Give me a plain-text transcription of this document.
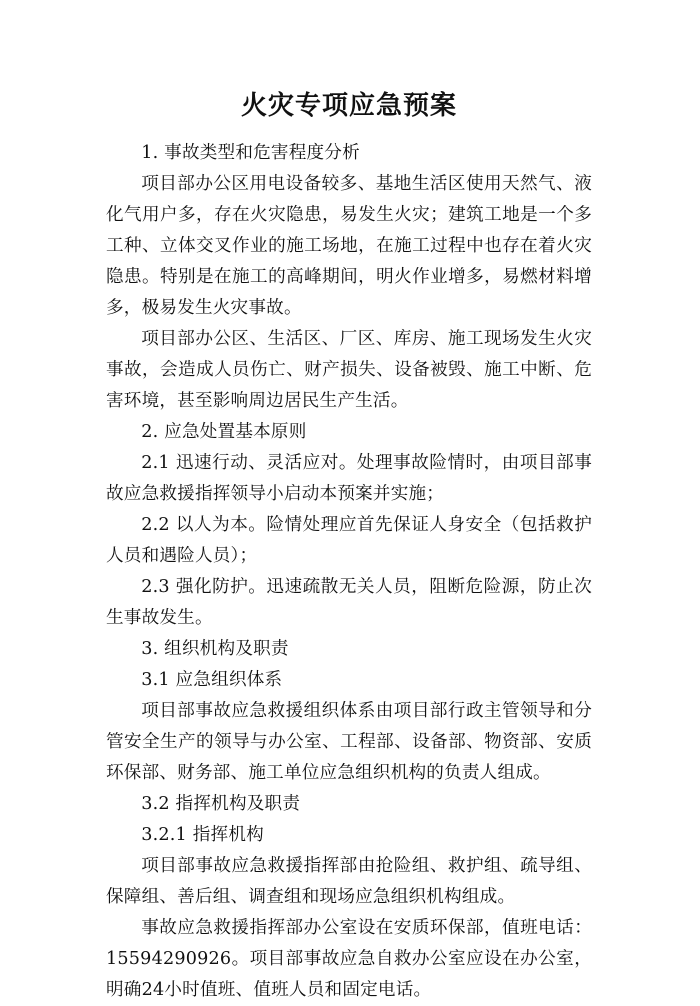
火灾专项应急预案

1. 事故类型和危害程度分析

项目部办公区用电设备较多、基地生活区使用天然气、液化气用户多，存在火灾隐患，易发生火灾；建筑工地是一个多工种、立体交叉作业的施工场地，在施工过程中也存在着火灾隐患。特别是在施工的高峰期间，明火作业增多，易燃材料增多，极易发生火灾事故。

项目部办公区、生活区、厂区、库房、施工现场发生火灾事故，会造成人员伤亡、财产损失、设备被毁、施工中断、危害环境，甚至影响周边居民生产生活。

2. 应急处置基本原则

2.1 迅速行动、灵活应对。处理事故险情时，由项目部事故应急救援指挥领导小启动本预案并实施；

2.2 以人为本。险情处理应首先保证人身安全（包括救护人员和遇险人员）；

2.3 强化防护。迅速疏散无关人员，阻断危险源，防止次生事故发生。

3. 组织机构及职责

3.1 应急组织体系

项目部事故应急救援组织体系由项目部行政主管领导和分管安全生产的领导与办公室、工程部、设备部、物资部、安质环保部、财务部、施工单位应急组织机构的负责人组成。

3.2 指挥机构及职责

3.2.1 指挥机构

项目部事故应急救援指挥部由抢险组、救护组、疏导组、保障组、善后组、调查组和现场应急组织机构组成。

事故应急救援指挥部办公室设在安质环保部，值班电话：15594290926。项目部事故应急自救办公室应设在办公室，明确24小时值班、值班人员和固定电话。
